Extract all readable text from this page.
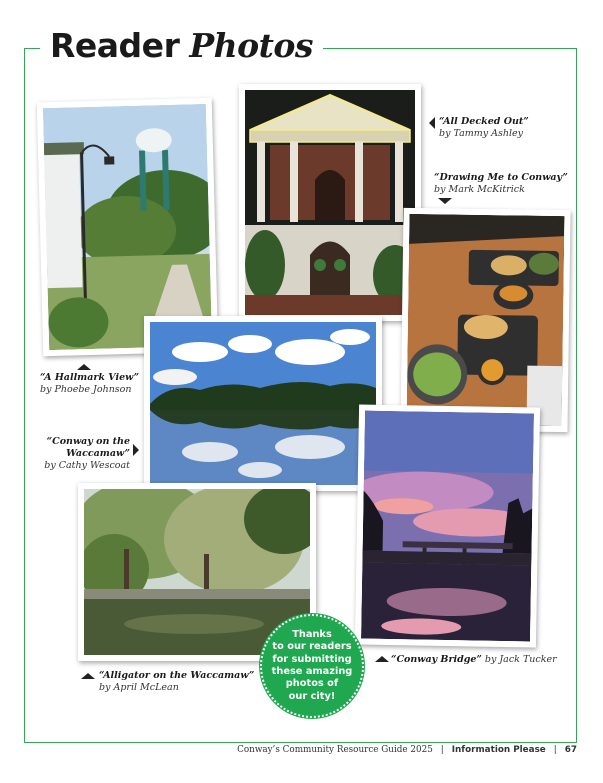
Reader Photos
“A Hallmark View”
by Phoebe Johnson
“All Decked Out”
by Tammy Ashley
“Drawing Me to Conway”
by Mark McKitrick
“Conway on the Waccamaw”
by Cathy Wescoat
“Alligator on the Waccamaw”
by April McLean
“Conway Bridge” by Jack Tucker
Thanks
to our readers
for submitting
these amazing
photos of
our city!
Conway’s Community Resource Guide 2025 | Information Please | 67
